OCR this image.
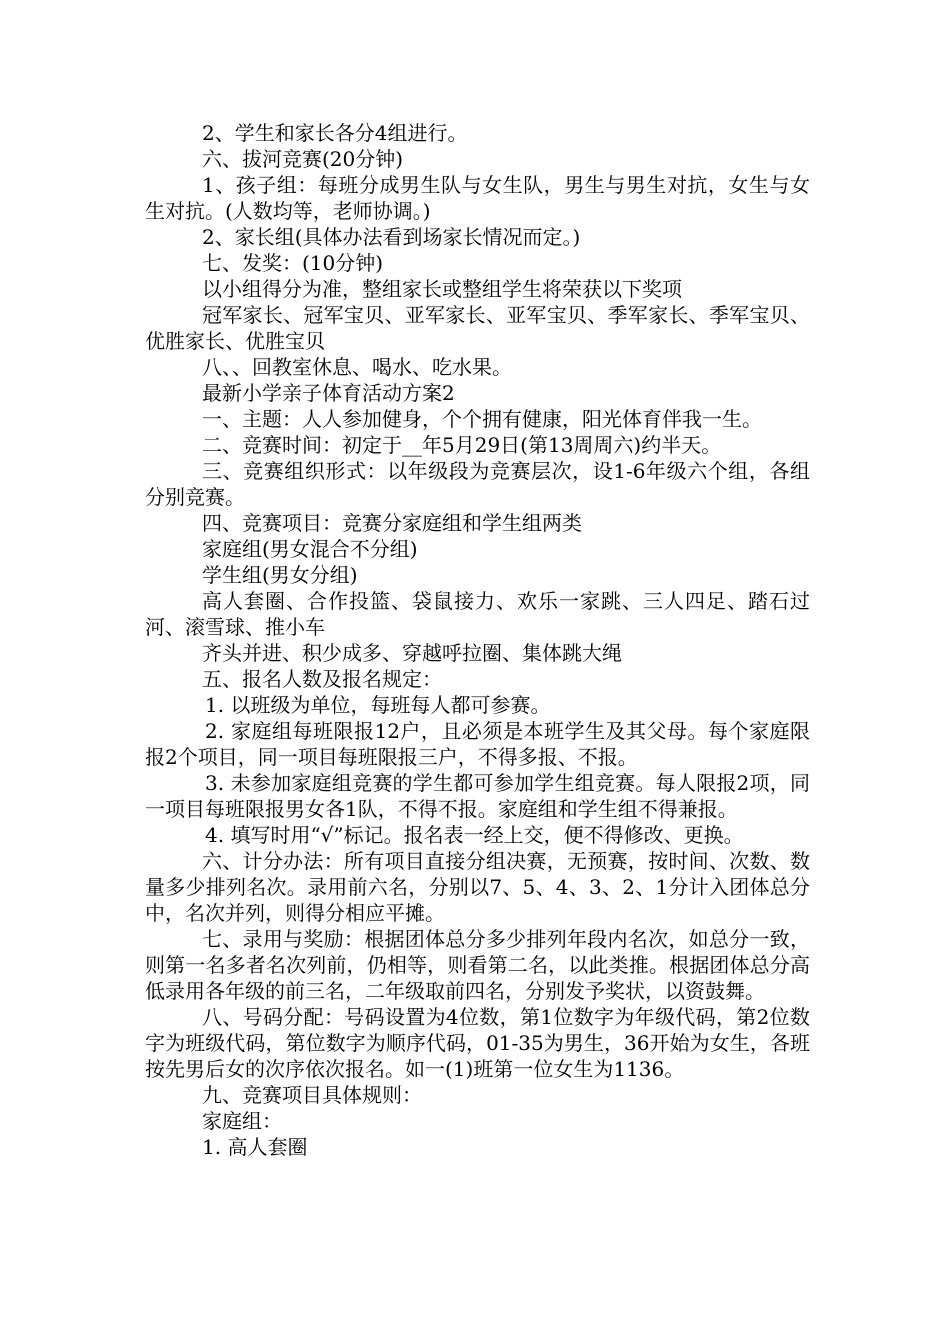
2、学生和家长各分4组进行。

六、拔河竞赛(20分钟)

1、孩子组：每班分成男生队与女生队，男生与男生对抗，女生与女生对抗。(人数均等，老师协调。)

2、家长组(具体办法看到场家长情况而定。)

七、发奖：(10分钟)

以小组得分为准，整组家长或整组学生将荣获以下奖项

冠军家长、冠军宝贝、亚军家长、亚军宝贝、季军家长、季军宝贝、优胜家长、优胜宝贝

八、、回教室休息、喝水、吃水果。

最新小学亲子体育活动方案2

一、主题：人人参加健身，个个拥有健康，阳光体育伴我一生。

二、竞赛时间：初定于__年5月29日(第13周周六)约半天。

三、竞赛组织形式：以年级段为竞赛层次，设1-6年级六个组，各组分别竞赛。

四、竞赛项目：竞赛分家庭组和学生组两类

家庭组(男女混合不分组)

学生组(男女分组)

高人套圈、合作投篮、袋鼠接力、欢乐一家跳、三人四足、踏石过河、滚雪球、推小车

齐头并进、积少成多、穿越呼拉圈、集体跳大绳

五、报名人数及报名规定：

1. 以班级为单位，每班每人都可参赛。

2. 家庭组每班限报12户，且必须是本班学生及其父母。每个家庭限报2个项目，同一项目每班限报三户，不得多报、不报。

3. 未参加家庭组竞赛的学生都可参加学生组竞赛。每人限报2项，同一项目每班限报男女各1队，不得不报。家庭组和学生组不得兼报。

4. 填写时用“√”标记。报名表一经上交，便不得修改、更换。

六、计分办法：所有项目直接分组决赛，无预赛，按时间、次数、数量多少排列名次。录用前六名，分别以7、5、4、3、2、1分计入团体总分中，名次并列，则得分相应平摊。

七、录用与奖励：根据团体总分多少排列年段内名次，如总分一致，则第一名多者名次列前，仍相等，则看第二名，以此类推。根据团体总分高低录用各年级的前三名，二年级取前四名，分别发予奖状，以资鼓舞。

八、号码分配：号码设置为4位数，第1位数字为年级代码，第2位数字为班级代码，第位数字为顺序代码，01-35为男生，36开始为女生，各班按先男后女的次序依次报名。如一(1)班第一位女生为1136。

九、竞赛项目具体规则：

家庭组：

1. 高人套圈
